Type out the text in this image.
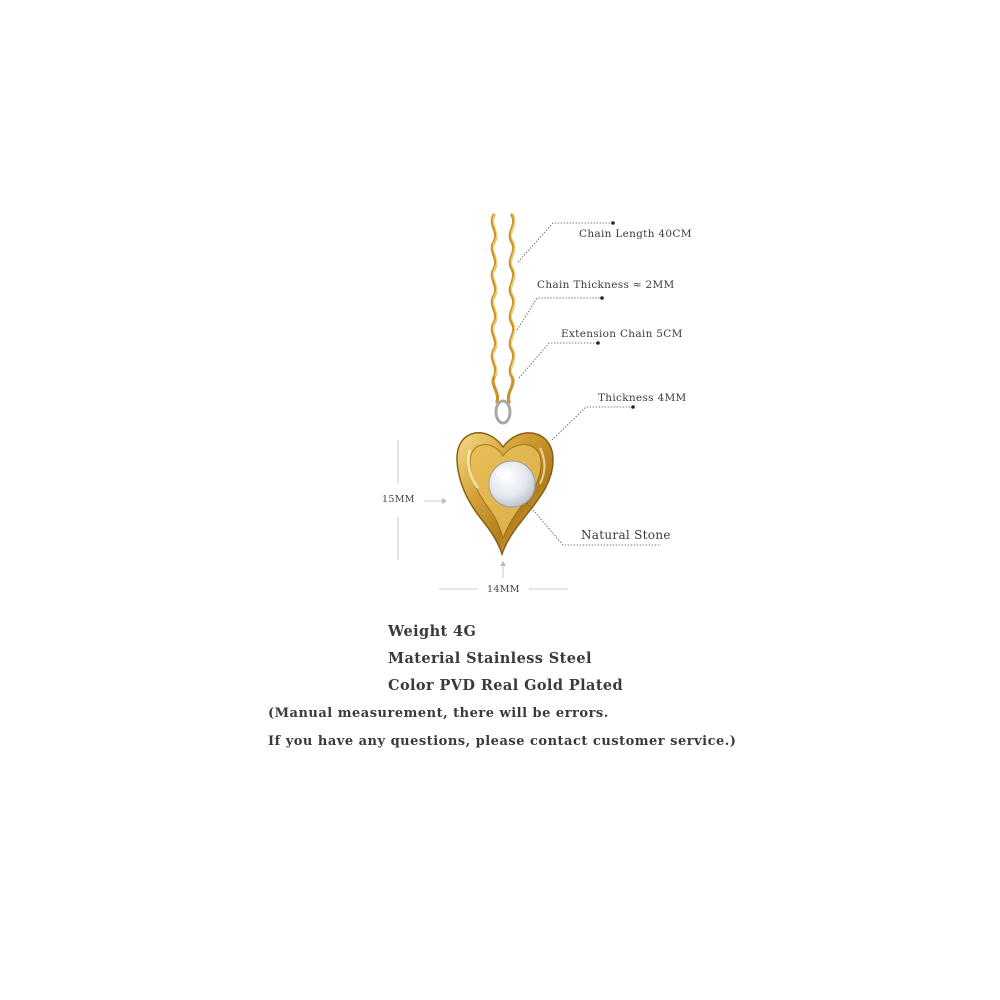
Chain Length 40CM
Chain Thickness ≈ 2MM
Extension Chain 5CM
Thickness 4MM
Natural Stone
15MM
14MM
Weight 4G
Material Stainless Steel
Color PVD Real Gold Plated
(Manual measurement, there will be errors.
If you have any questions, please contact customer service.)
